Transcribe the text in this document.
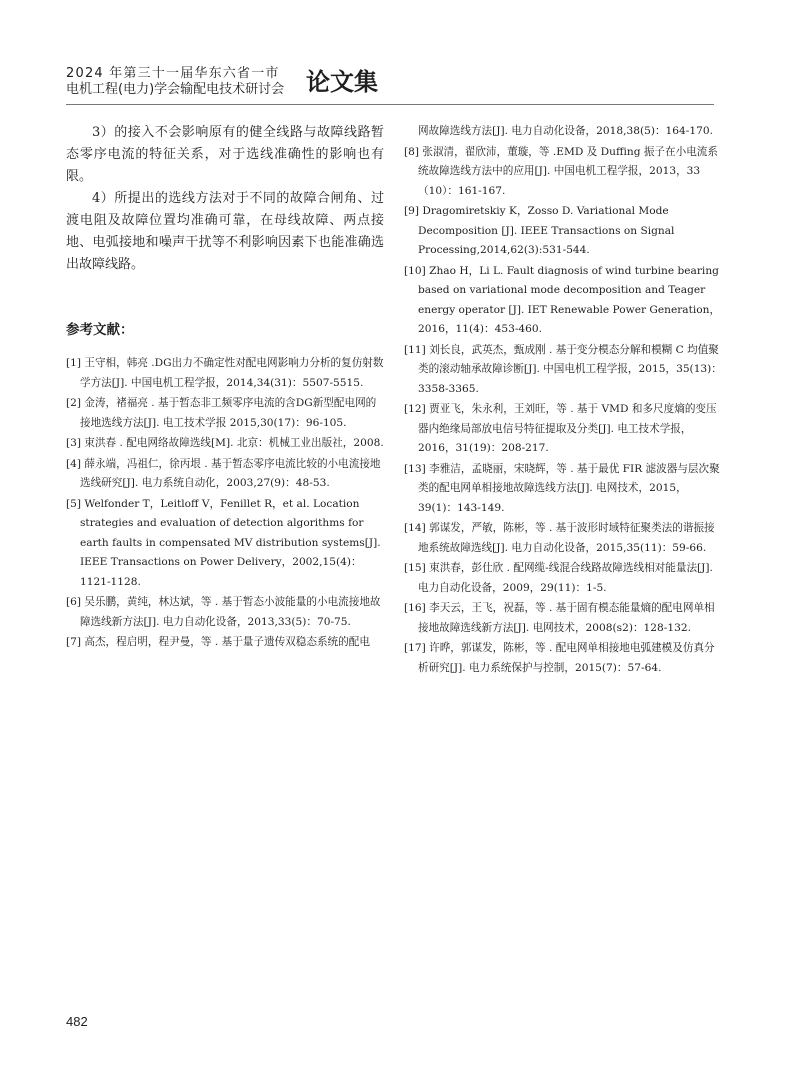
2024 年第三十一届华东六省一市
电机工程(电力)学会输配电技术研讨会 论文集

3）的接入不会影响原有的健全线路与故障线路暂态零序电流的特征关系，对于选线准确性的影响也有限。

4）所提出的选线方法对于不同的故障合闸角、过渡电阻及故障位置均准确可靠，在母线故障、两点接地、电弧接地和噪声干扰等不利影响因素下也能准确选出故障线路。

参考文献：
[1] 王守相，韩亮 .DG出力不确定性对配电网影响力分析的复仿射数学方法[J]. 中国电机工程学报，2014,34(31)：5507-5515.
[2] 金涛，褚福亮 . 基于暂态非工频零序电流的含DG新型配电网的接地选线方法[J]. 电工技术学报 2015,30(17)：96-105.
[3] 束洪春 . 配电网络故障选线[M]. 北京：机械工业出版社，2008.
[4] 薛永端，冯祖仁，徐丙垠 . 基于暂态零序电流比较的小电流接地选线研究[J]. 电力系统自动化，2003,27(9)：48-53.
[5] Welfonder T，Leitloff V，Fenillet R，et al. Location strategies and evaluation of detection algorithms for earth faults in compensated MV distribution systems[J]. IEEE Transactions on Power Delivery，2002,15(4)：1121-1128.
[6] 吴乐鹏，黄纯，林达斌，等 . 基于暂态小波能量的小电流接地故障选线新方法[J]. 电力自动化设备，2013,33(5)：70-75.
[7] 高杰，程启明，程尹曼，等 . 基于量子遗传双稳态系统的配电
网故障选线方法[J]. 电力自动化设备，2018,38(5)：164-170.
[8] 张淑清，翟欣沛，董璇，等 .EMD 及 Duffing 振子在小电流系统故障选线方法中的应用[J]. 中国电机工程学报，2013，33（10）：161-167.
[9] Dragomiretskiy K，Zosso D. Variational Mode Decomposition [J]. IEEE Transactions on Signal Processing,2014,62(3):531-544.
[10] Zhao H，Li L. Fault diagnosis of wind turbine bearing based on variational mode decomposition and Teager energy operator [J]. IET Renewable Power Generation，2016，11(4)：453-460.
[11] 刘长良，武英杰，甄成刚 . 基于变分模态分解和模糊 C 均值聚类的滚动轴承故障诊断[J]. 中国电机工程学报，2015，35(13)：3358-3365.
[12] 贾亚飞，朱永利，王刘旺，等 . 基于 VMD 和多尺度熵的变压器内绝缘局部放电信号特征提取及分类[J]. 电工技术学报，2016，31(19)：208-217.
[13] 李雅洁，孟晓丽，宋晓辉，等 . 基于最优 FIR 滤波器与层次聚类的配电网单相接地故障选线方法[J]. 电网技术，2015，39(1)：143-149.
[14] 郭谋发，严敏，陈彬，等 . 基于波形时域特征聚类法的谐振接地系统故障选线[J]. 电力自动化设备，2015,35(11)：59-66.
[15] 束洪春，彭仕欣 . 配网缆-线混合线路故障选线相对能量法[J]. 电力自动化设备，2009，29(11)：1-5.
[16] 李天云，王飞，祝磊，等 . 基于固有模态能量熵的配电网单相接地故障选线新方法[J]. 电网技术，2008(s2)：128-132.
[17] 许晔，郭谋发，陈彬，等 . 配电网单相接地电弧建模及仿真分析研究[J]. 电力系统保护与控制，2015(7)：57-64.
482
